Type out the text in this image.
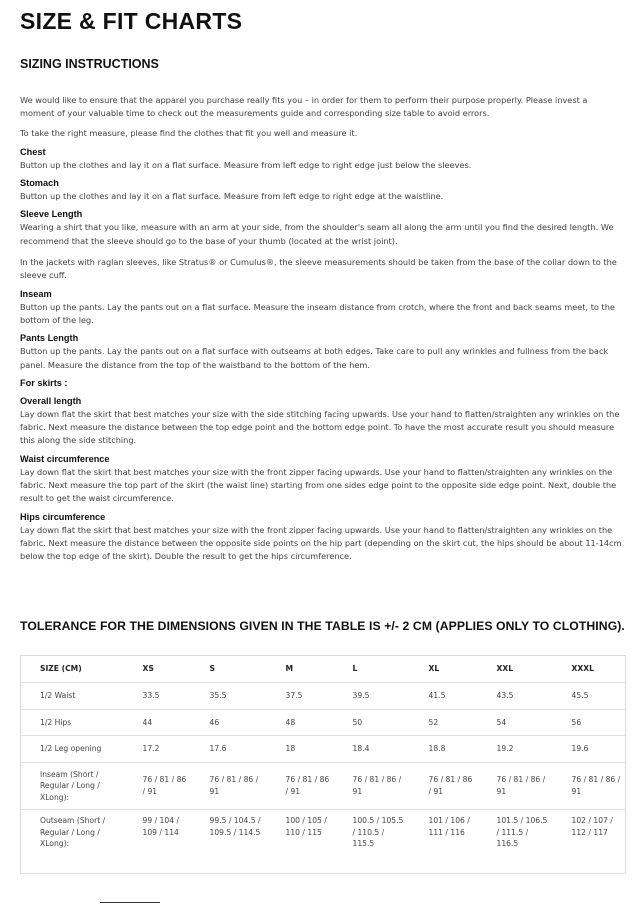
SIZE & FIT CHARTS
SIZING INSTRUCTIONS

We would like to ensure that the apparel you purchase really fits you – in order for them to perform their purpose properly. Please invest a moment of your valuable time to check out the measurements guide and corresponding size table to avoid errors.

To take the right measure, please find the clothes that fit you well and measure it.

Chest

Button up the clothes and lay it on a flat surface. Measure from left edge to right edge just below the sleeves.

Stomach

Button up the clothes and lay it on a flat surface. Measure from left edge to right edge at the waistline.

Sleeve Length

Wearing a shirt that you like, measure with an arm at your side, from the shoulder's seam all along the arm until you find the desired length. We recommend that the sleeve should go to the base of your thumb (located at the wrist joint).

In the jackets with raglan sleeves, like Stratus® or Cumulus®, the sleeve measurements should be taken from the base of the collar down to the sleeve cuff.

Inseam

Button up the pants. Lay the pants out on a flat surface. Measure the inseam distance from crotch, where the front and back seams meet, to the bottom of the leg.

Pants Length

Button up the pants. Lay the pants out on a flat surface with outseams at both edges. Take care to pull any wrinkles and fullness from the back panel. Measure the distance from the top of the waistband to the bottom of the hem.

For skirts :
Overall length

Lay down flat the skirt that best matches your size with the side stitching facing upwards. Use your hand to flatten/straighten any wrinkles on the fabric. Next measure the distance between the top edge point and the bottom edge point. To have the most accurate result you should measure this along the side stitching.

Waist circumference

Lay down flat the skirt that best matches your size with the front zipper facing upwards. Use your hand to flatten/straighten any wrinkles on the fabric. Next measure the top part of the skirt (the waist line) starting from one sides edge point to the opposite side edge point. Next, double the result to get the waist circumference.

Hips circumference

Lay down flat the skirt that best matches your size with the front zipper facing upwards. Use your hand to flatten/straighten any wrinkles on the fabric. Next measure the distance between the opposite side points on the hip part (depending on the skirt cut, the hips should be about 11-14cm below the top edge of the skirt). Double the result to get the hips circumference.

TOLERANCE FOR THE DIMENSIONS GIVEN IN THE TABLE IS +/- 2 CM (APPLIES ONLY TO CLOTHING).
SIZE (CM)	XS	S	M	L	XL	XXL	XXXL
1/2 Waist	33.5	35.5	37.5	39.5	41.5	43.5	45.5
1/2 Hips	44	46	48	50	52	54	56
1/2 Leg opening	17.2	17.6	18	18.4	18.8	19.2	19.6
Inseam (Short / Regular / Long / XLong):	76 / 81 / 86 / 91	76 / 81 / 86 / 91	76 / 81 / 86 / 91	76 / 81 / 86 / 91	76 / 81 / 86 / 91	76 / 81 / 86 / 91	76 / 81 / 86 / 91
Outseam (Short / Regular / Long / XLong):	99 / 104 / 109 / 114	99.5 / 104.5 / 109.5 / 114.5	100 / 105 / 110 / 115	100.5 / 105.5 / 110.5 / 115.5	101 / 106 / 111 / 116	101.5 / 106.5 / 111.5 / 116.5	102 / 107 / 112 / 117
